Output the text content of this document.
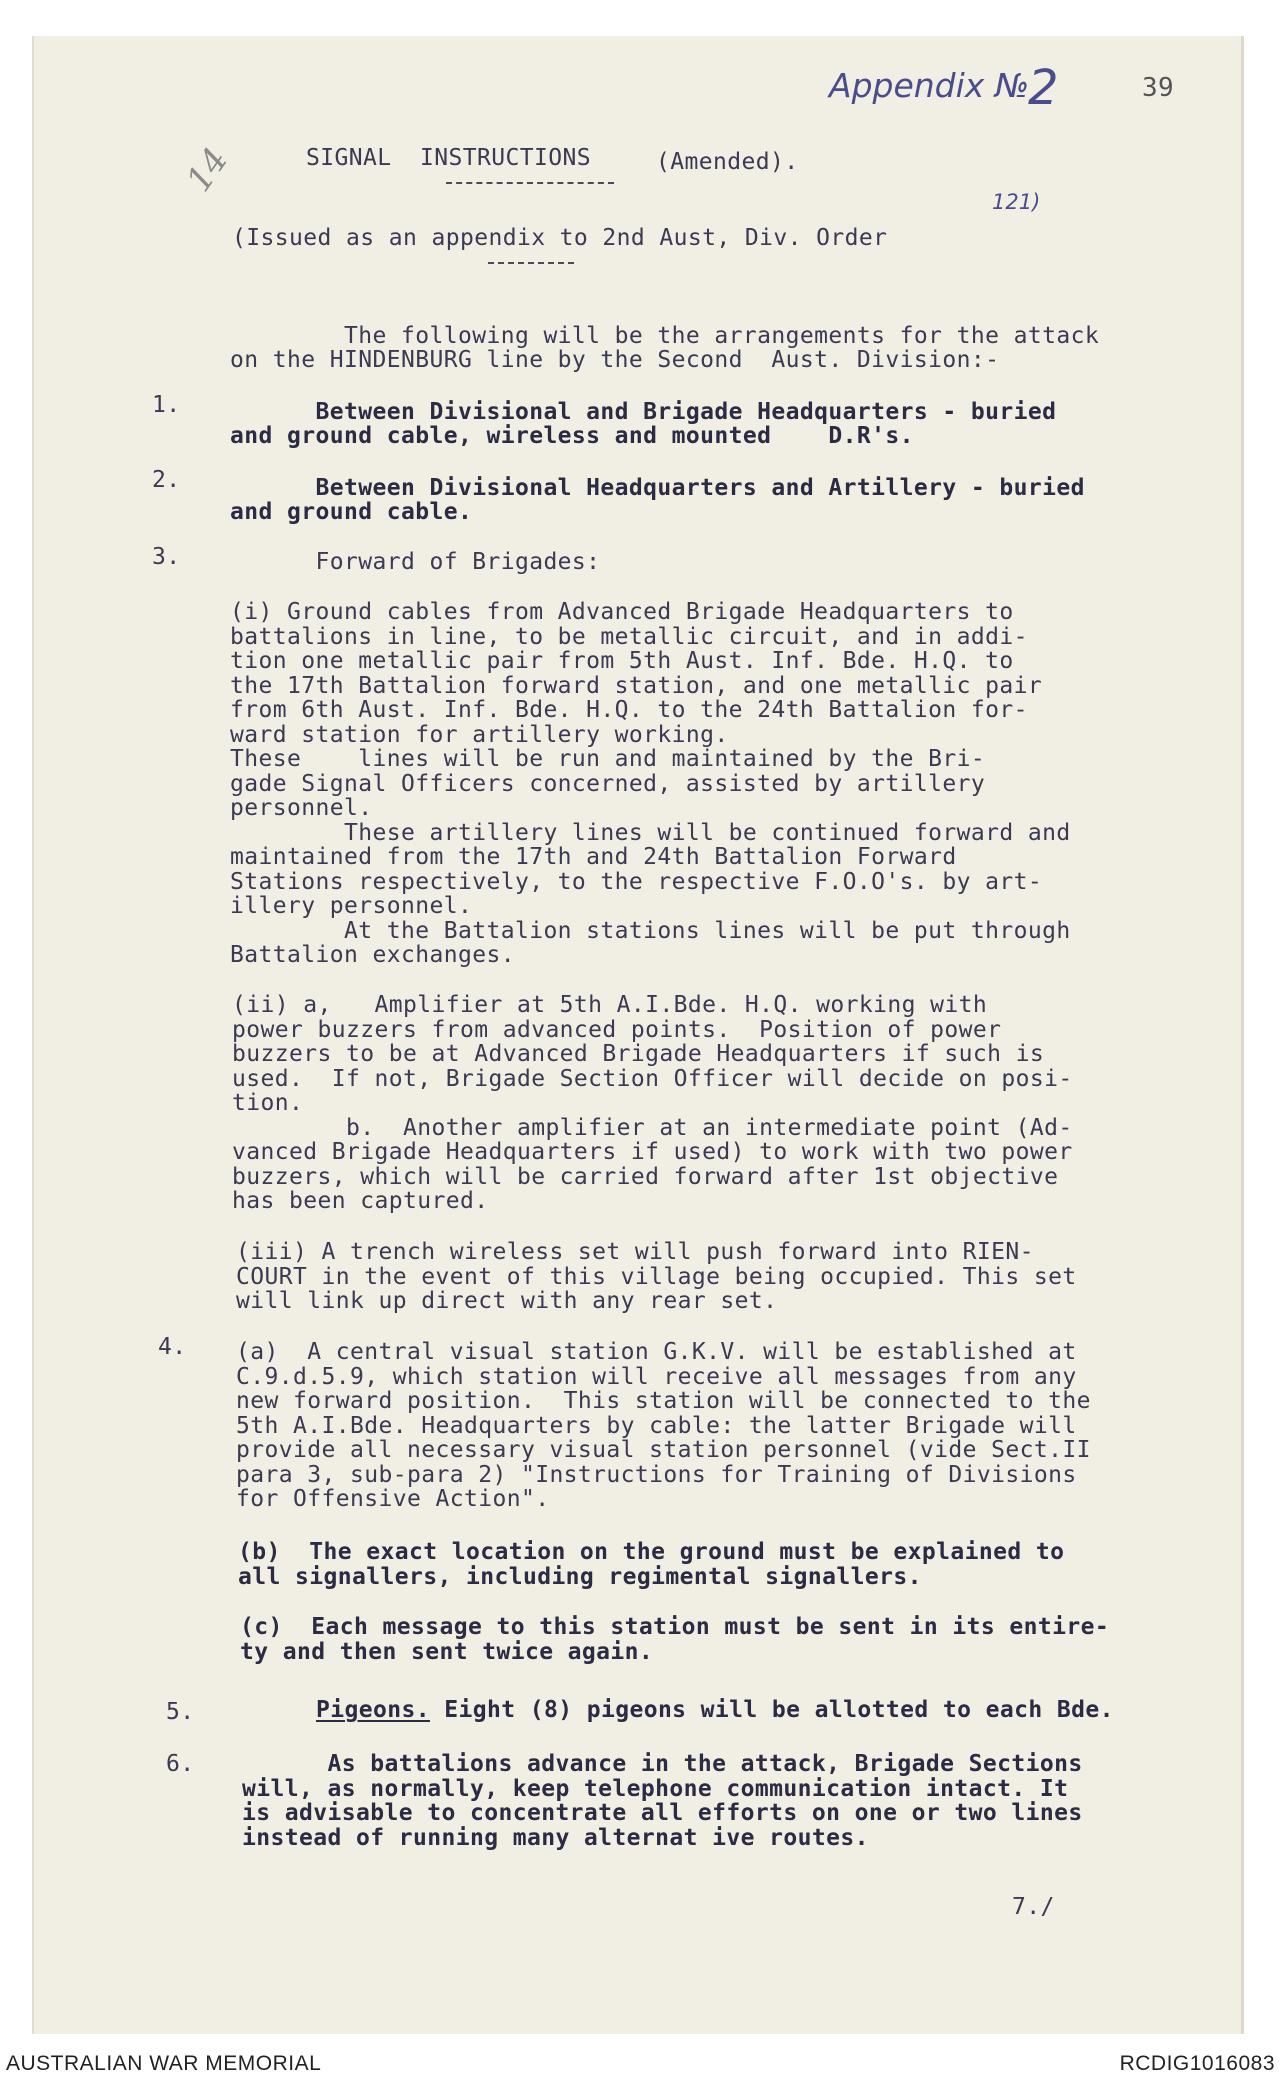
Appendix №
2	39
14
121)
SIGNAL  INSTRUCTIONS	(Amended).
(Issued as an appendix to 2nd Aust, Div. Order
The following will be the arrangements for the attack
on the HINDENBURG line by the Second  Aust. Division:-
1. Between Divisional and Brigade Headquarters - buried
and ground cable, wireless and mounted    D.R's.
2. Between Divisional Headquarters and Artillery - buried
and ground cable.
3. Forward of Brigades:
(i) Ground cables from Advanced Brigade Headquarters to
battalions in line, to be metallic circuit, and in addi-
tion one metallic pair from 5th Aust. Inf. Bde. H.Q. to
the 17th Battalion forward station, and one metallic pair
from 6th Aust. Inf. Bde. H.Q. to the 24th Battalion for-
ward station for artillery working.
These    lines will be run and maintained by the Bri-
gade Signal Officers concerned, assisted by artillery
personnel.
These artillery lines will be continued forward and
maintained from the 17th and 24th Battalion Forward
Stations respectively, to the respective F.O.O's. by art-
illery personnel.
At the Battalion stations lines will be put through
Battalion exchanges.
(ii) a,   Amplifier at 5th A.I.Bde. H.Q. working with
power buzzers from advanced points.  Position of power
buzzers to be at Advanced Brigade Headquarters if such is
used.  If not, Brigade Section Officer will decide on posi-
tion.
b.  Another amplifier at an intermediate point (Ad-
vanced Brigade Headquarters if used) to work with two power
buzzers, which will be carried forward after 1st objective
has been captured.
(iii) A trench wireless set will push forward into RIEN-
COURT in the event of this village being occupied. This set
will link up direct with any rear set.
4. (a)  A central visual station G.K.V. will be established at
C.9.d.5.9, which station will receive all messages from any
new forward position.  This station will be connected to the
5th A.I.Bde. Headquarters by cable: the latter Brigade will
provide all necessary visual station personnel (vide Sect.II
para 3, sub-para 2) "Instructions for Training of Divisions
for Offensive Action".
(b)  The exact location on the ground must be explained to
all signallers, including regimental signallers.
(c)  Each message to this station must be sent in its entire-
ty and then sent twice again.
5.	Pigeons. Eight (8) pigeons will be allotted to each Bde.
6. As battalions advance in the attack, Brigade Sections
will, as normally, keep telephone communication intact. It
is advisable to concentrate all efforts on one or two lines
instead of running many alternat ive routes.
7./
AUSTRALIAN WAR MEMORIAL	RCDIG1016083
